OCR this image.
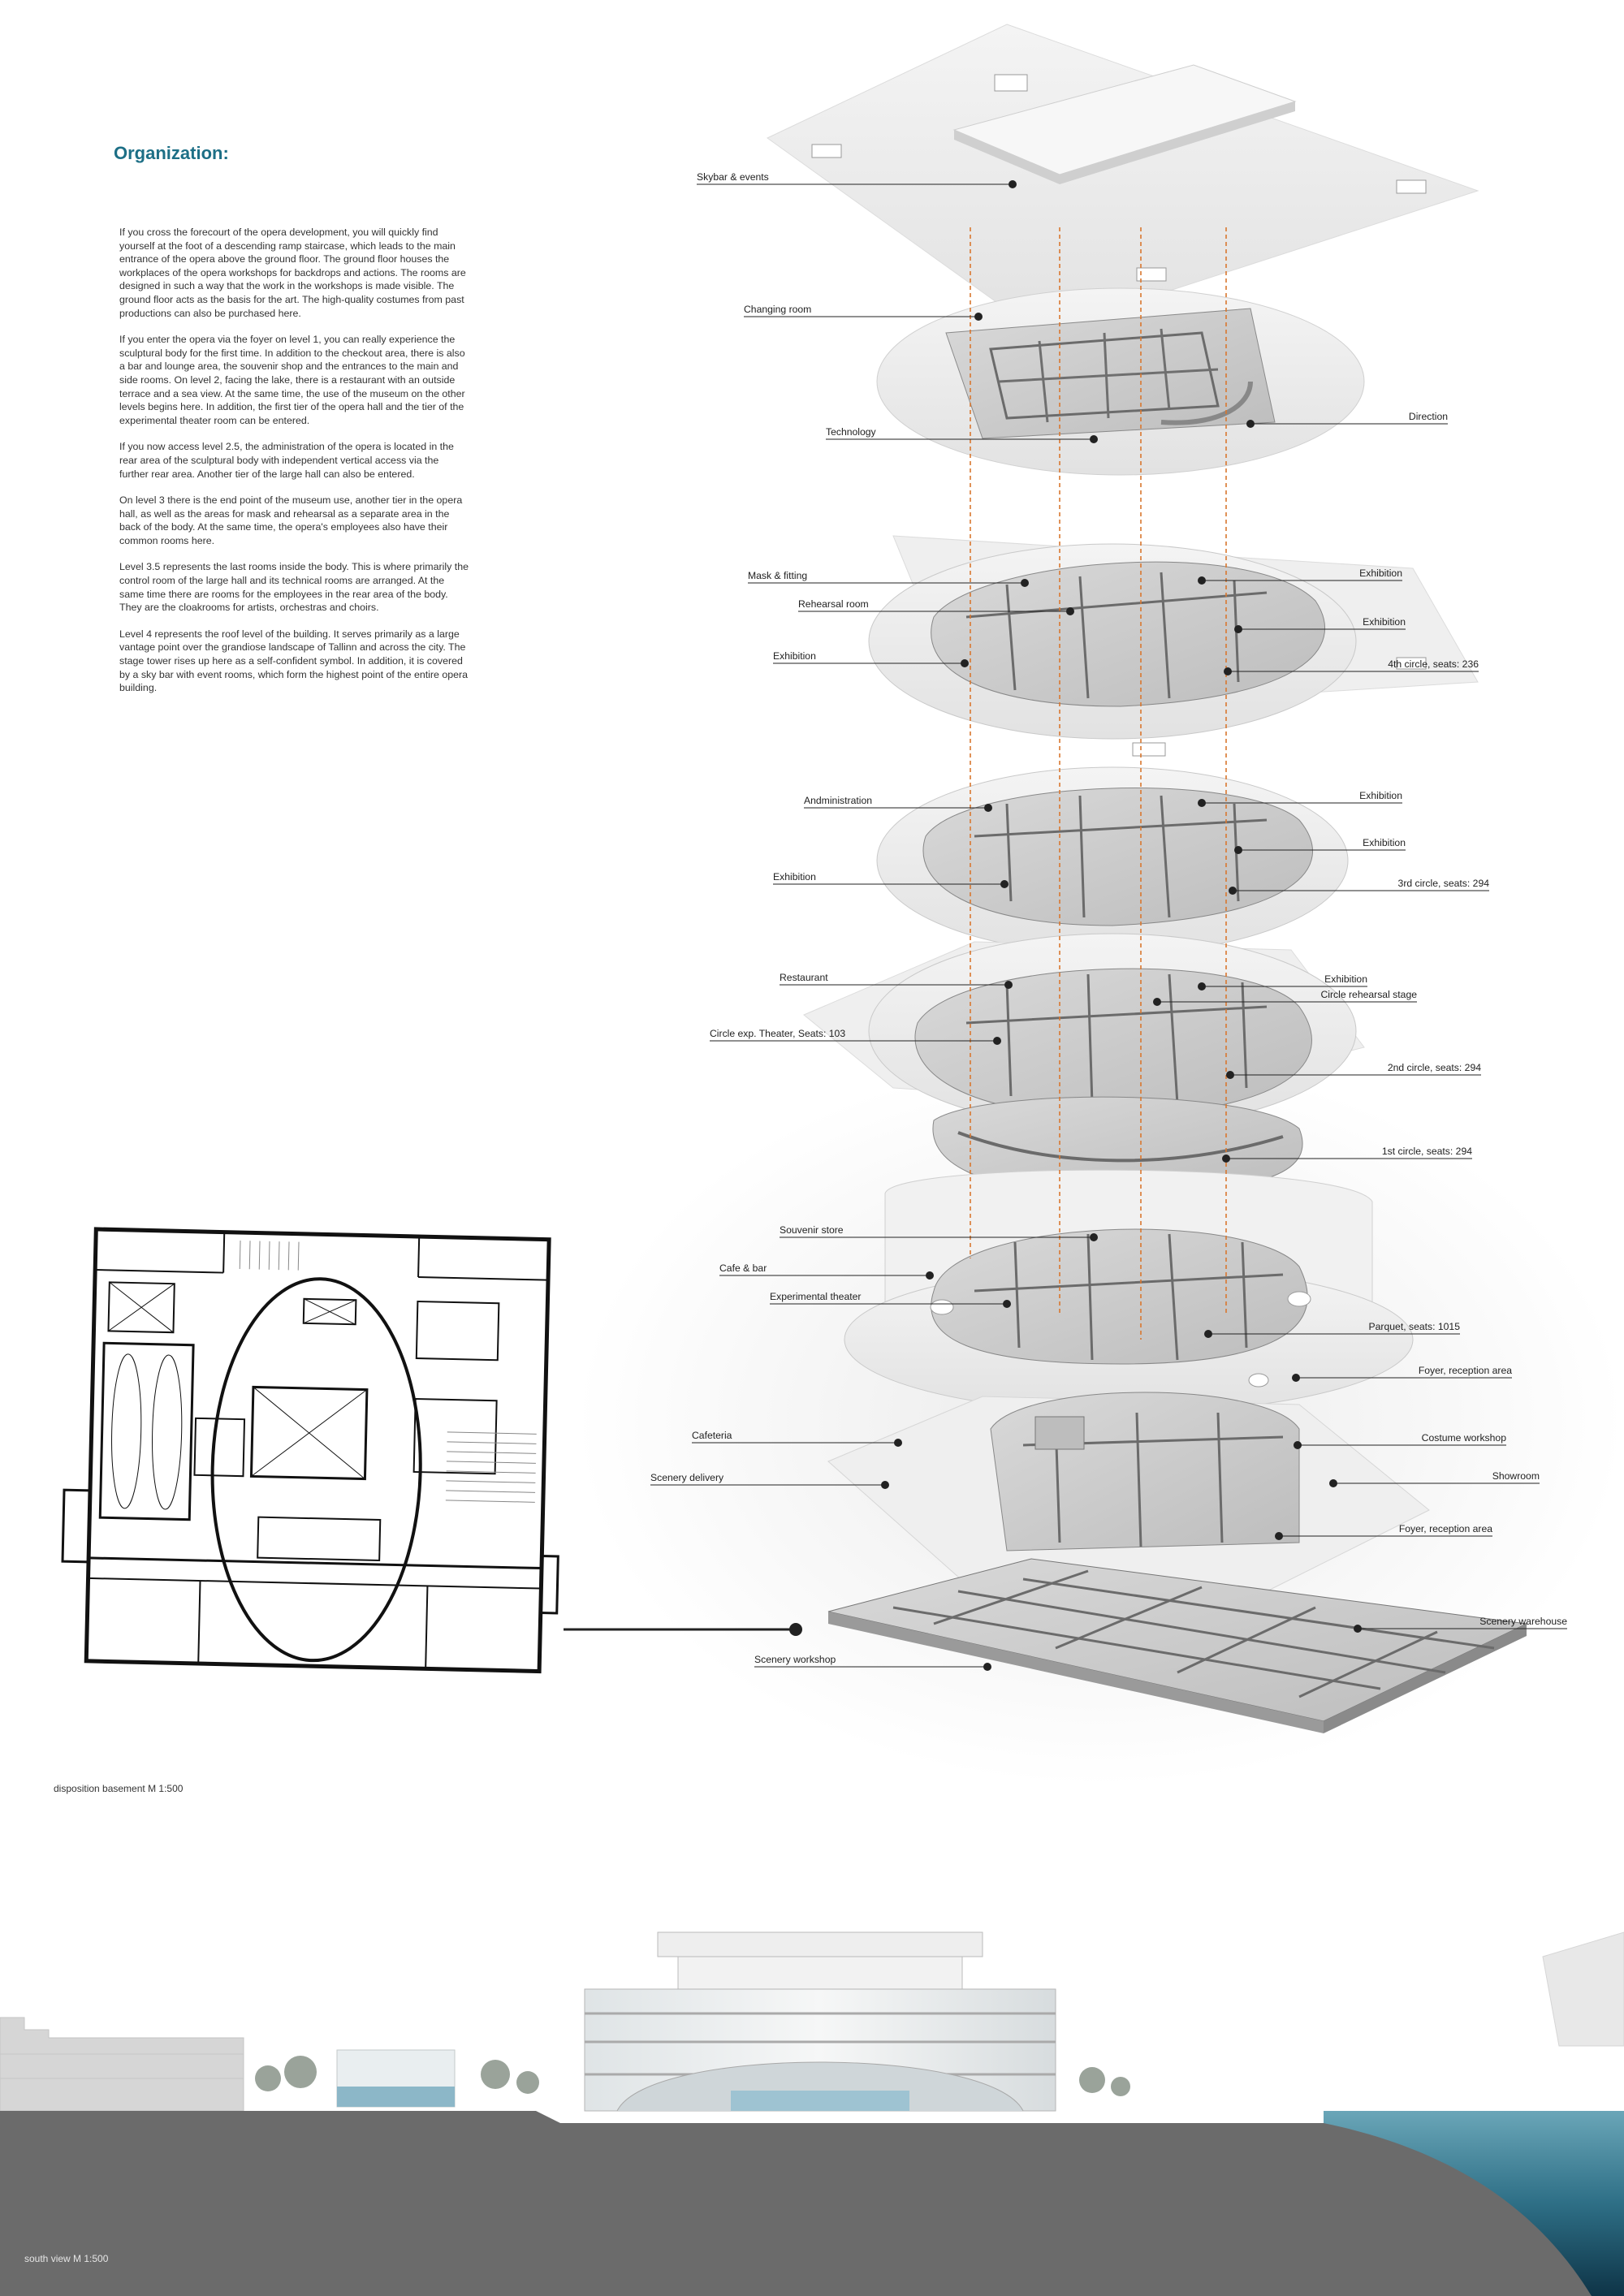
Organization:

If you cross the forecourt of the opera development, you will quickly find yourself at the foot of a descending ramp staircase, which leads to the main entrance of the opera above the ground floor. The ground floor houses the workplaces of the opera workshops for backdrops and actions. The rooms are designed in such a way that the work in the workshops is made visible. The ground floor acts as the basis for the art. The high-quality costumes from past productions can also be purchased here.

If you enter the opera via the foyer on level 1, you can really experience the sculptural body for the first time. In addition to the checkout area, there is also a bar and lounge area, the souvenir shop and the entrances to the main and side rooms. On level 2, facing the lake, there is a restaurant with an outside terrace and a sea view. At the same time, the use of the museum on the other levels begins here. In addition, the first tier of the opera hall and the tier of the experimental theater room can be entered.

If you now access level 2.5, the administration of the opera is located in the rear area of the sculptural body with independent vertical access via the further rear area. Another tier of the large hall can also be entered.

On level 3 there is the end point of the museum use, another tier in the opera hall, as well as the areas for mask and rehearsal as a separate area in the back of the body. At the same time, the opera's employees also have their common rooms here.

Level 3.5 represents the last rooms inside the body. This is where primarily the control room of the large hall and its technical rooms are arranged. At the same time there are rooms for the employees in the rear area of the body. They are the cloakrooms for artists, orchestras and choirs.

Level 4 represents the roof level of the building. It serves primarily as a large vantage point over the grandiose landscape of Tallinn and across the city. The stage tower rises up here as a self-confident symbol. In addition, it is covered by a sky bar with event rooms, which form the highest point of the entire opera building.

Skybar & events
Changing room
Technology
Mask & fitting
Rehearsal room
Exhibition
Andministration
Exhibition
Restaurant
Circle exp. Theater, Seats: 103
Souvenir store
Cafe & bar
Experimental theater
Cafeteria
Scenery delivery
Scenery workshop
Direction
Exhibition
Exhibition
4th circle, seats: 236
Exhibition
Exhibition
3rd circle, seats: 294
Exhibition
Circle rehearsal stage
2nd circle, seats: 294
1st circle, seats: 294
Parquet, seats: 1015
Foyer, reception area
Costume workshop
Showroom
Foyer, reception area
Scenery warehouse
disposition basement M 1:500
south view M 1:500
